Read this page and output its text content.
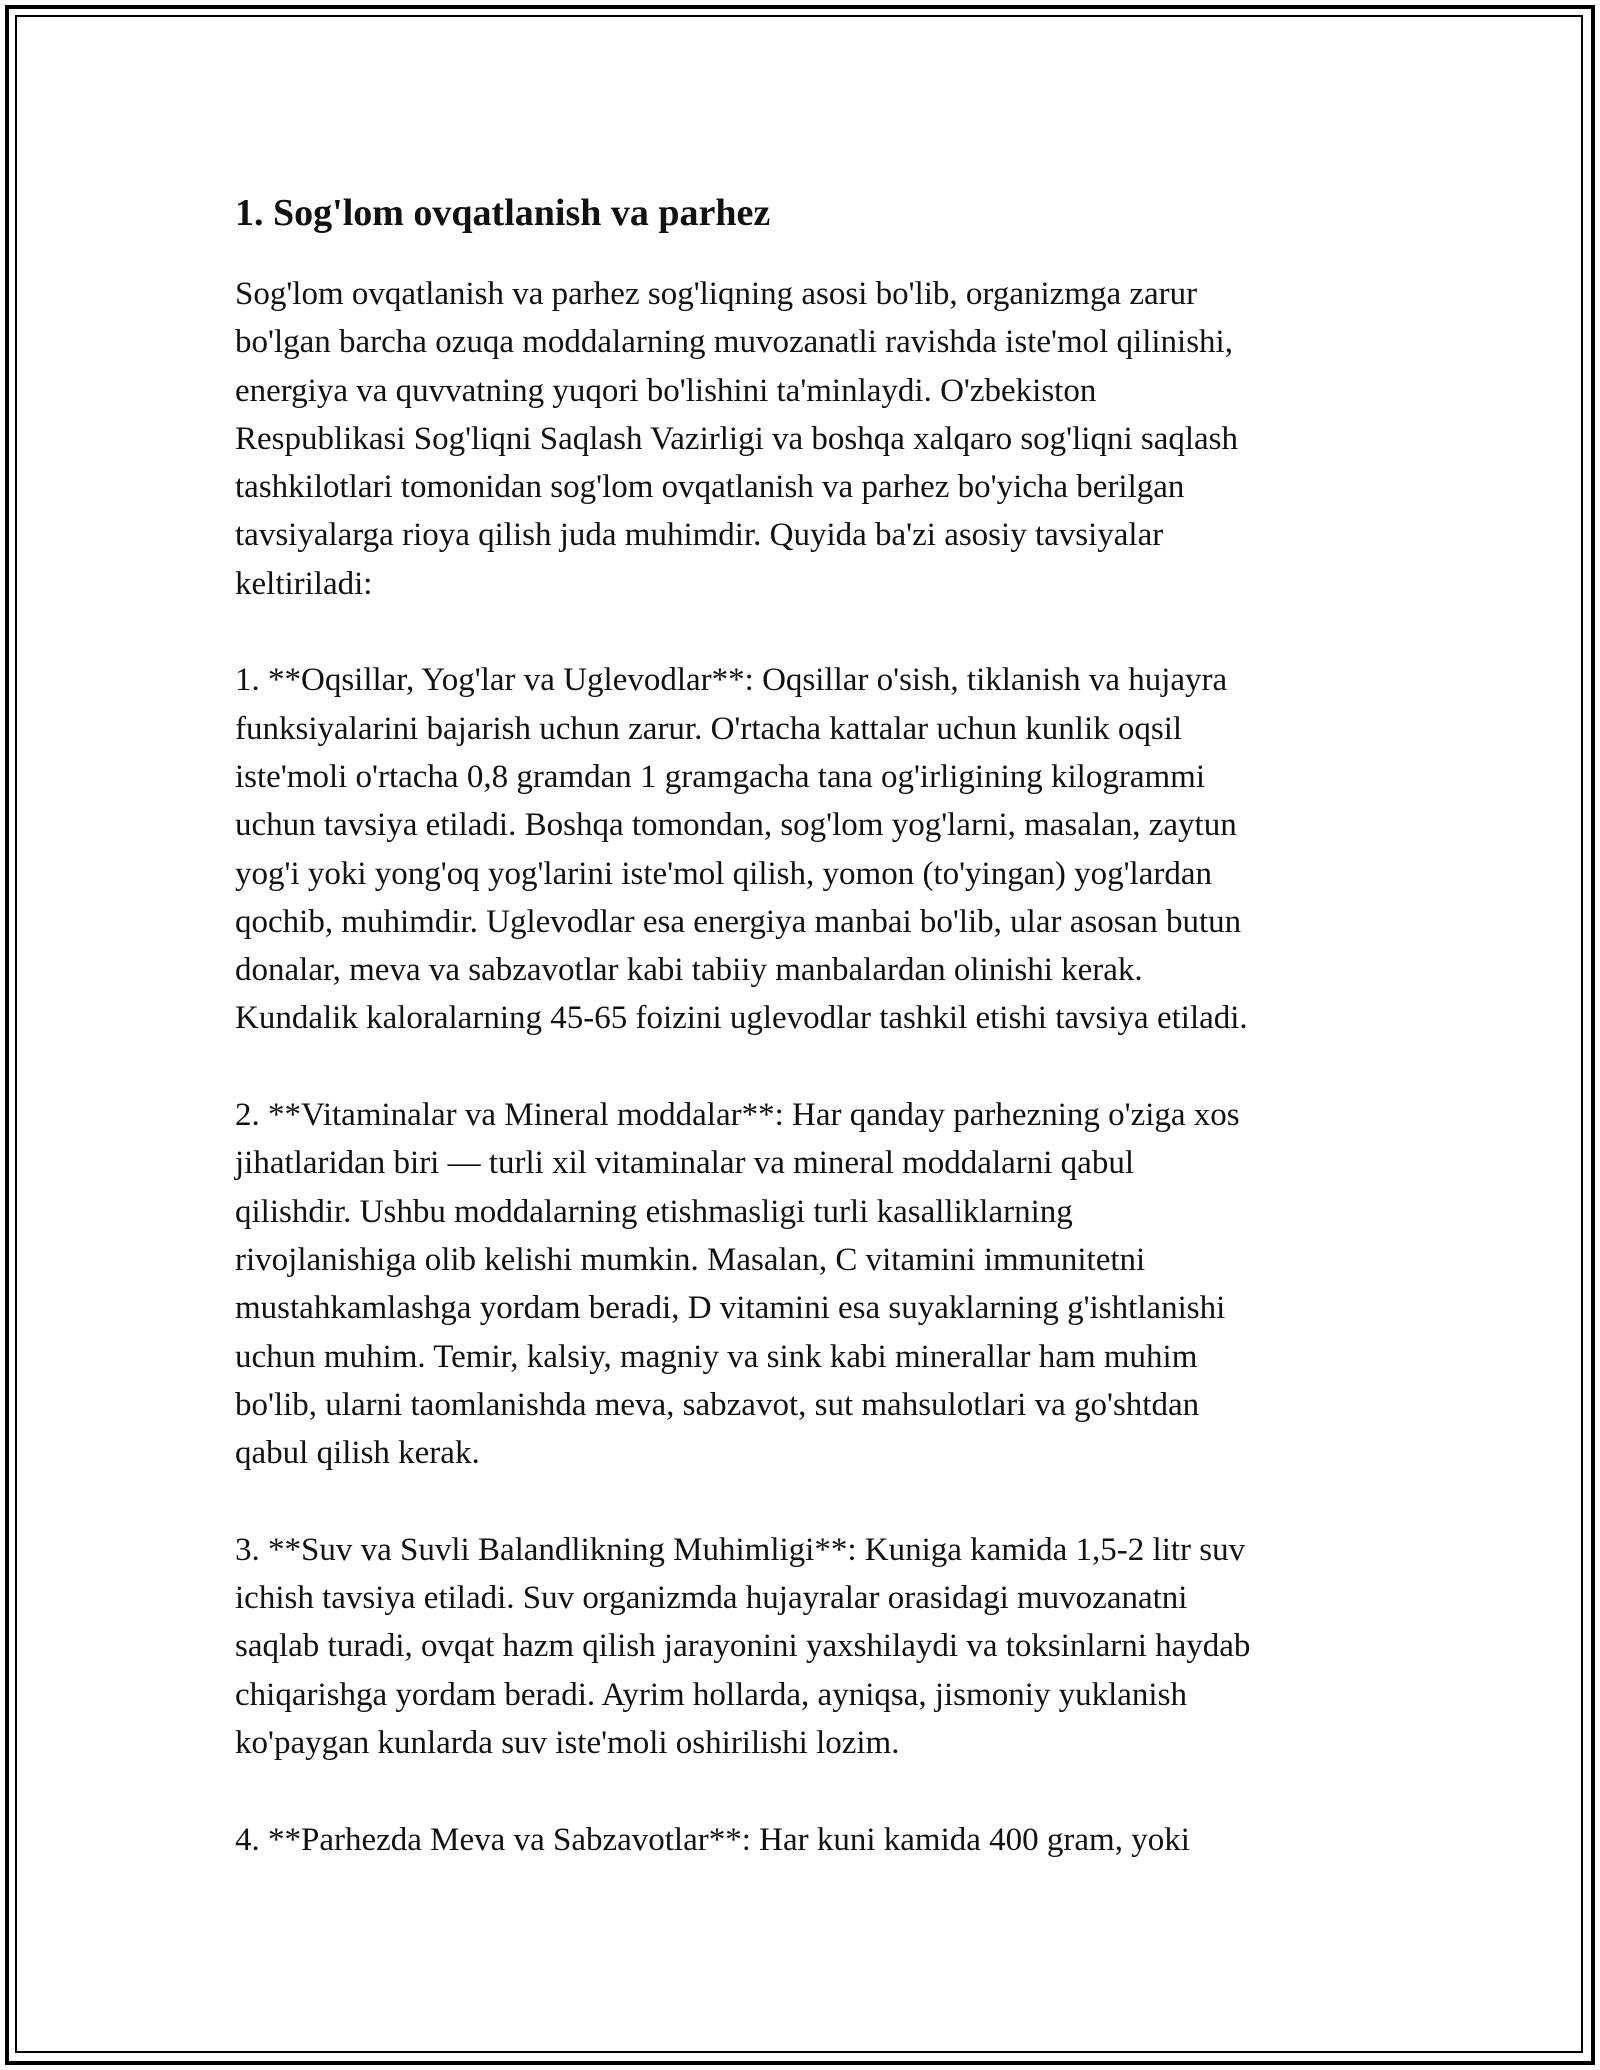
1. Sog'lom ovqatlanish va parhez

Sog'lom ovqatlanish va parhez sog'liqning asosi bo'lib, organizmga zarur
bo'lgan barcha ozuqa moddalarning muvozanatli ravishda iste'mol qilinishi,
energiya va quvvatning yuqori bo'lishini ta'minlaydi. O'zbekiston
Respublikasi Sog'liqni Saqlash Vazirligi va boshqa xalqaro sog'liqni saqlash
tashkilotlari tomonidan sog'lom ovqatlanish va parhez bo'yicha berilgan
tavsiyalarga rioya qilish juda muhimdir. Quyida ba'zi asosiy tavsiyalar
keltiriladi:

1. **Oqsillar, Yog'lar va Uglevodlar**: Oqsillar o'sish, tiklanish va hujayra
funksiyalarini bajarish uchun zarur. O'rtacha kattalar uchun kunlik oqsil
iste'moli o'rtacha 0,8 gramdan 1 gramgacha tana og'irligining kilogrammi
uchun tavsiya etiladi. Boshqa tomondan, sog'lom yog'larni, masalan, zaytun
yog'i yoki yong'oq yog'larini iste'mol qilish, yomon (to'yingan) yog'lardan
qochib, muhimdir. Uglevodlar esa energiya manbai bo'lib, ular asosan butun
donalar, meva va sabzavotlar kabi tabiiy manbalardan olinishi kerak.
Kundalik kaloralarning 45-65 foizini uglevodlar tashkil etishi tavsiya etiladi.

2. **Vitaminalar va Mineral moddalar**: Har qanday parhezning o'ziga xos
jihatlaridan biri — turli xil vitaminalar va mineral moddalarni qabul
qilishdir. Ushbu moddalarning etishmasligi turli kasalliklarning
rivojlanishiga olib kelishi mumkin. Masalan, C vitamini immunitetni
mustahkamlashga yordam beradi, D vitamini esa suyaklarning g'ishtlanishi
uchun muhim. Temir, kalsiy, magniy va sink kabi minerallar ham muhim
bo'lib, ularni taomlanishda meva, sabzavot, sut mahsulotlari va go'shtdan
qabul qilish kerak.

3. **Suv va Suvli Balandlikning Muhimligi**: Kuniga kamida 1,5-2 litr suv
ichish tavsiya etiladi. Suv organizmda hujayralar orasidagi muvozanatni
saqlab turadi, ovqat hazm qilish jarayonini yaxshilaydi va toksinlarni haydab
chiqarishga yordam beradi. Ayrim hollarda, ayniqsa, jismoniy yuklanish
ko'paygan kunlarda suv iste'moli oshirilishi lozim.

4. **Parhezda Meva va Sabzavotlar**: Har kuni kamida 400 gram, yoki
